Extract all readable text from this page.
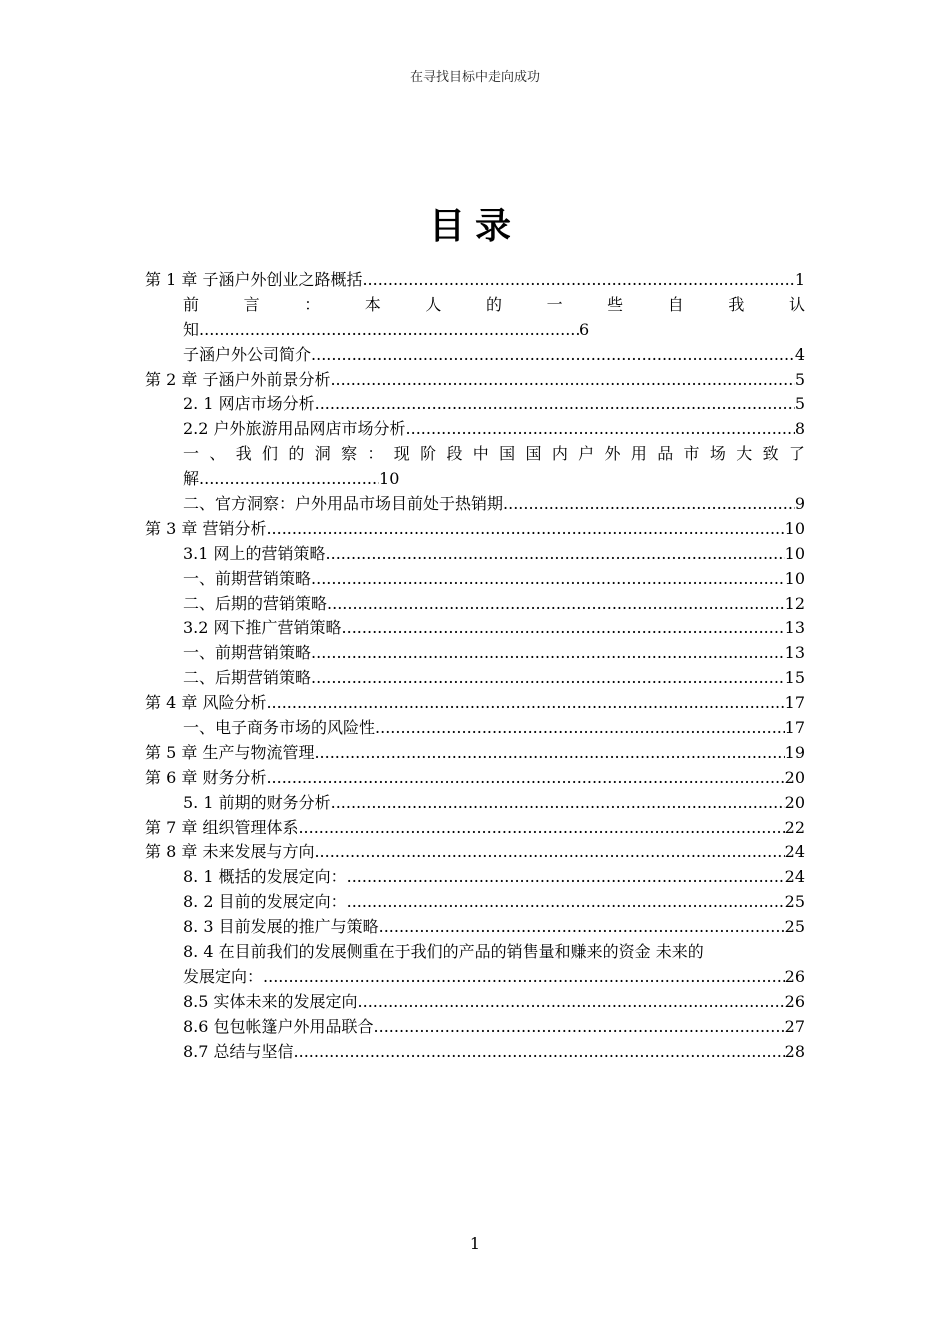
在寻找目标中走向成功
目录
第 1 章 子涵户外创业之路概括 .....	1
前	言	：	本	人	的	一	些	自	我	认
知 .....	6
子涵户外公司简介 .....	4
第 2 章 子涵户外前景分析 .....	5
2. 1 网店市场分析 .....	5
2.2 户外旅游用品网店市场分析 .....	8
一 、 我 们 的 洞 察 ： 现 阶 段 中 国 国 内 户 外 用 品 市 场 大 致 了
解 .....	10
二、官方洞察：户外用品市场目前处于热销期 .....	9
第 3 章 营销分析 .....	10
3.1 网上的营销策略 .....	10
一、前期营销策略 .....	10
二、后期的营销策略 .....	12
3.2 网下推广营销策略 .....	13
一、前期营销策略 .....	13
二、后期营销策略 .....	15
第 4 章 风险分析 .....	17
一、电子商务市场的风险性 .....	17
第 5 章 生产与物流管理 .....	19
第 6 章 财务分析 .....	20
5. 1 前期的财务分析 .....	20
第 7 章 组织管理体系 .....	22
第 8 章 未来发展与方向 .....	24
8. 1 概括的发展定向： .....	24
8. 2 目前的发展定向： .....	25
8. 3 目前发展的推广与策略 .....	25
8. 4 在目前我们的发展侧重在于我们的产品的销售量和赚来的资金 未来的
发展定向： .....	26
8.5 实体未来的发展定向 .....	26
8.6 包包帐篷户外用品联合 .....	27
8.7 总结与坚信 .....	28
1
